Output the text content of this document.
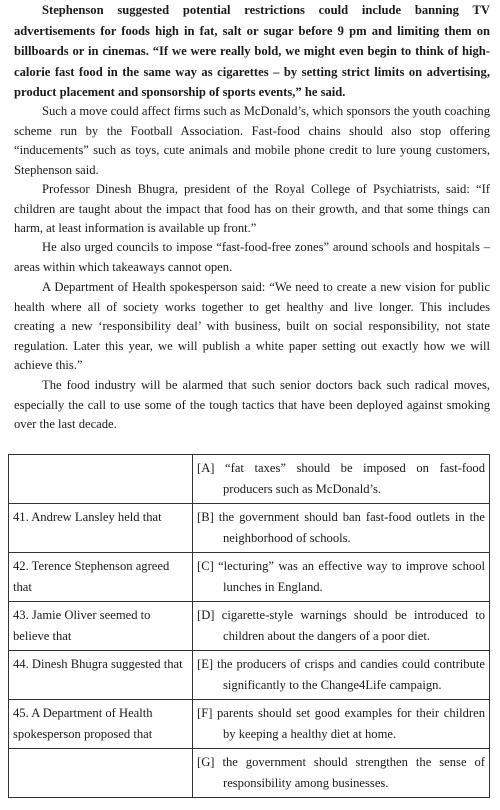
Stephenson suggested potential restrictions could include banning TV advertisements for foods high in fat, salt or sugar before 9 pm and limiting them on billboards or in cinemas. “If we were really bold, we might even begin to think of high-calorie fast food in the same way as cigarettes – by setting strict limits on advertising, product placement and sponsorship of sports events,” he said.

Such a move could affect firms such as McDonald’s, which sponsors the youth coaching scheme run by the Football Association. Fast-food chains should also stop offering “inducements” such as toys, cute animals and mobile phone credit to lure young customers, Stephenson said.

Professor Dinesh Bhugra, president of the Royal College of Psychiatrists, said: “If children are taught about the impact that food has on their growth, and that some things can harm, at least information is available up front.”

He also urged councils to impose “fast-food-free zones” around schools and hospitals – areas within which takeaways cannot open.

A Department of Health spokesperson said: “We need to create a new vision for public health where all of society works together to get healthy and live longer. This includes creating a new ‘responsibility deal’ with business, built on social responsibility, not state regulation. Later this year, we will publish a white paper setting out exactly how we will achieve this.”

The food industry will be alarmed that such senior doctors back such radical moves, especially the call to use some of the tough tactics that have been deployed against smoking over the last decade.

	[A] “fat taxes” should be imposed on fast-food producers such as McDonald’s.

41. Andrew Lansley held that	[B] the government should ban fast-food outlets in the neighborhood of schools.

42. Terence Stephenson agreed that	[C] “lecturing” was an effective way to improve school lunches in England.

43. Jamie Oliver seemed to believe that	[D] cigarette-style warnings should be introduced to children about the dangers of a poor diet.

44. Dinesh Bhugra suggested that	[E] the producers of crisps and candies could contribute significantly to the Change4Life campaign.

45. A Department of Health spokesperson proposed that	[F] parents should set good examples for their children by keeping a healthy diet at home.

	[G] the government should strengthen the sense of responsibility among businesses.
